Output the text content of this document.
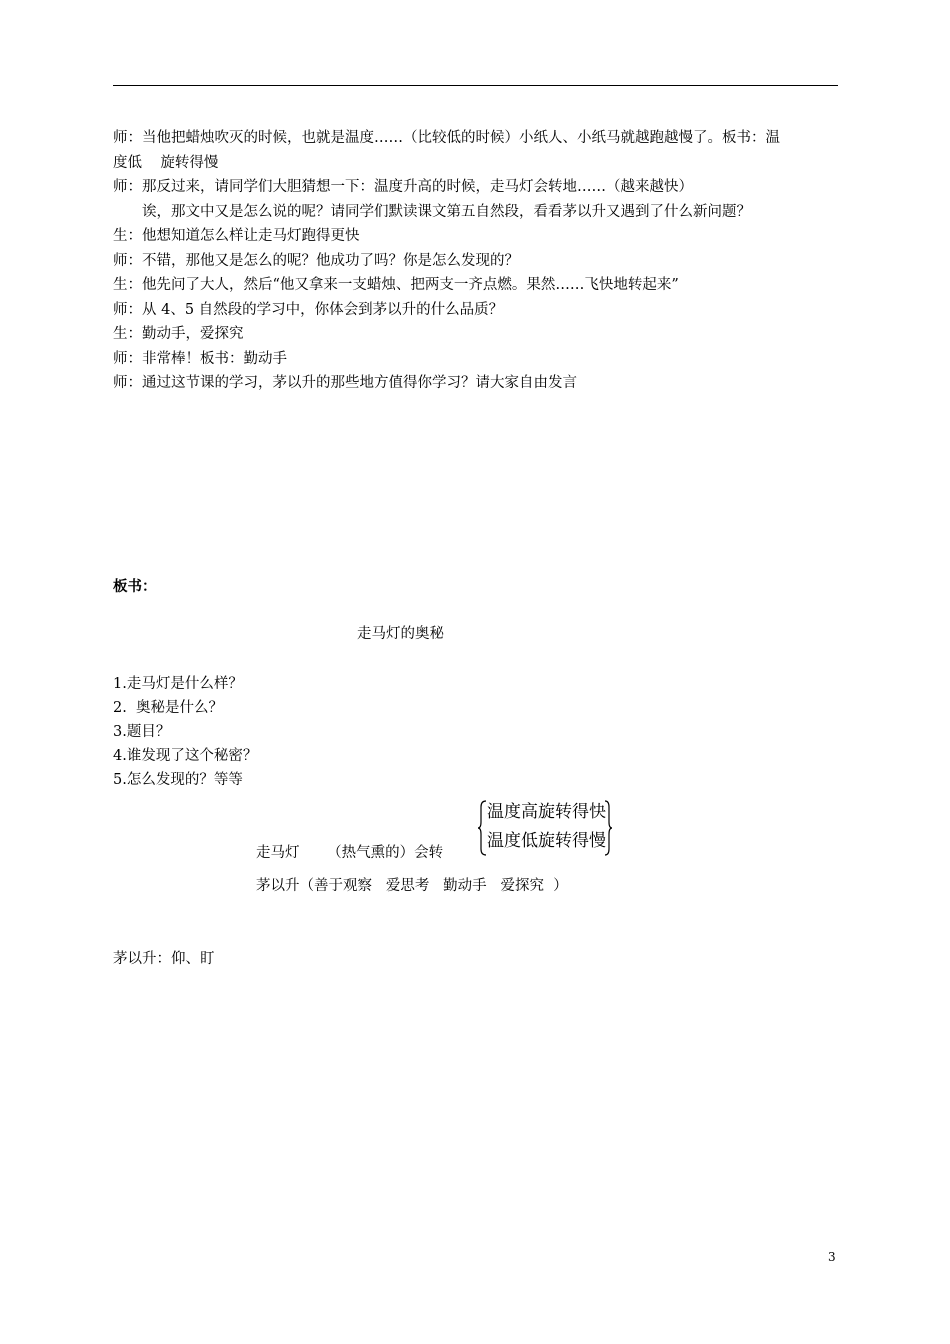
师：当他把蜡烛吹灭的时候，也就是温度……（比较低的时候）小纸人、小纸马就越跑越慢了。板书：温

度低    旋转得慢

师：那反过来，请同学们大胆猜想一下：温度升高的时候，走马灯会转地……（越来越快）

诶，那文中又是怎么说的呢？请同学们默读课文第五自然段，看看茅以升又遇到了什么新问题？

生：他想知道怎么样让走马灯跑得更快

师：不错，那他又是怎么的呢？他成功了吗？你是怎么发现的？

生：他先问了大人，然后“他又拿来一支蜡烛、把两支一齐点燃。果然……飞快地转起来”

师：从 4、5 自然段的学习中，你体会到茅以升的什么品质？

生：勤动手，爱探究

师：非常棒！板书：勤动手

师：通过这节课的学习，茅以升的那些地方值得你学习？请大家自由发言

板书：
走马灯的奥秘

1.走马灯是什么样？

2.  奥秘是什么？

3.题目？

4.谁发现了这个秘密？

5.怎么发现的？等等

温度高旋转得快

温度低旋转得慢

走马灯      （热气熏的）会转
茅以升（善于观察   爱思考   勤动手   爱探究  ）
茅以升：仰、盯
3
